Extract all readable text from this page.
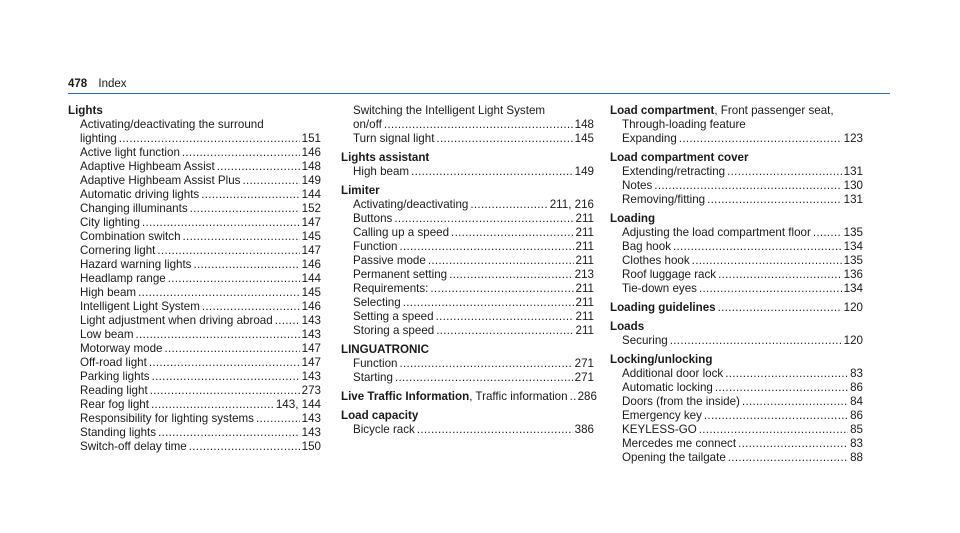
478 Index
Lights
Activating/deactivating the surround
lighting .....	151
Active light function .....	146
Adaptive Highbeam Assist .....	148
Adaptive Highbeam Assist Plus .....	149
Automatic driving lights .....	144
Changing illuminants .....	152
City lighting .....	147
Combination switch .....	145
Cornering light .....	147
Hazard warning lights .....	146
Headlamp range .....	144
High beam .....	145
Intelligent Light System .....	146
Light adjustment when driving abroad ..... 143
Low beam .....	143
Motorway mode .....	147
Off-road light .....	147
Parking lights .....	143
Reading light .....	273
Rear fog light .....	143, 144
Responsibility for lighting systems .....	143
Standing lights .....	143
Switch-off delay time .....	150
Switching the Intelligent Light System
on/off .....	148
Turn signal light .....	145
Lights assistant
High beam .....	149
Limiter
Activating/deactivating .....	211, 216
Buttons .....	211
Calling up a speed .....	211
Function .....	211
Passive mode .....	211
Permanent setting .....	213
Requirements: .....	211
Selecting .....	211
Setting a speed .....	211
Storing a speed .....	211
LINGUATRONIC
Function .....	271
Starting .....	271
Live Traffic Information , Traffic information ..... 286
Load capacity
Bicycle rack .....	386
Load compartment , Front passenger seat,
Through-loading feature
Expanding .....	123
Load compartment cover
Extending/retracting .....	131
Notes .....	130
Removing/fitting .....	131
Loading
Adjusting the load compartment floor .....	135
Bag hook .....	134
Clothes hook .....	135
Roof luggage rack .....	136
Tie-down eyes .....	134
Loading guidelines .....	120
Loads
Securing .....	120
Locking/unlocking
Additional door lock .....	83
Automatic locking .....	86
Doors (from the inside) .....	84
Emergency key .....	86
KEYLESS-GO .....	85
Mercedes me connect .....	83
Opening the tailgate .....	88
